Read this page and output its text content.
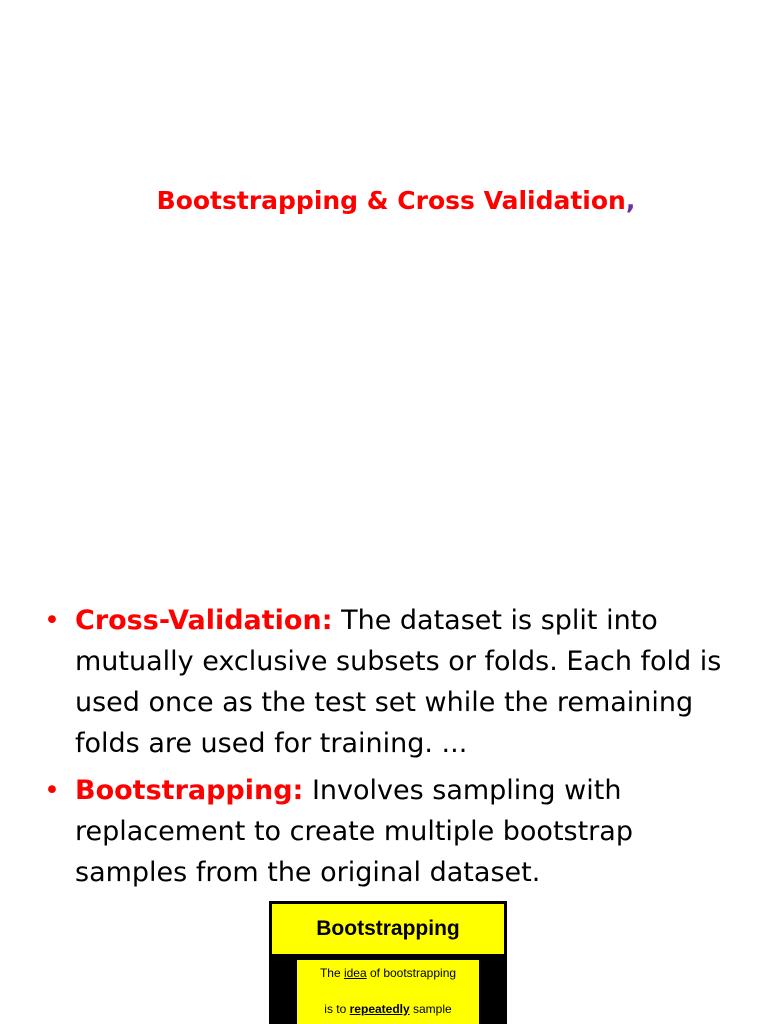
Bootstrapping & Cross Validation,
• Cross-Validation: The dataset is split into mutually exclusive subsets or folds. Each fold is used once as the test set while the remaining folds are used for training. ...
• Bootstrapping: Involves sampling with replacement to create multiple bootstrap samples from the original dataset.
Bootstrapping
The idea of bootstrapping
is to repeatedly sample
